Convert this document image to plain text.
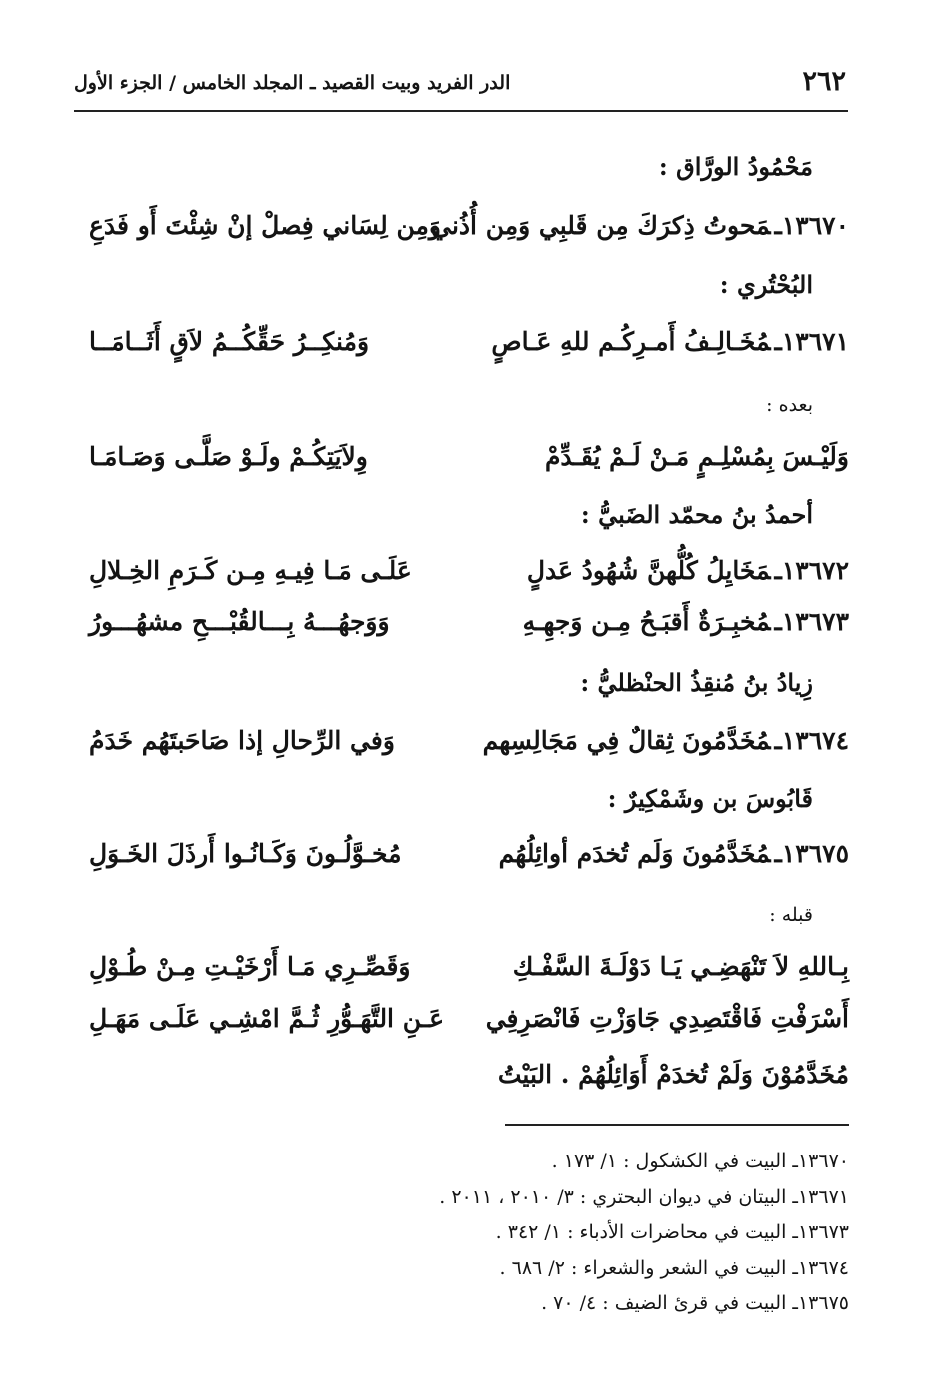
٢٦٢
الدر الفريد وبيت القصيد ـ المجلد الخامس / الجزء الأول
مَحْمُودُ الورَّاق :
١٣٦٧٠ـمَحوتُ ذِكرَكَ مِن قَلبِي وَمِن أُذُني
وَمِن لِسَاني فِصلْ إنْ شِئْتَ أَو فَدَعِ
البُحْتُري :
١٣٦٧١ـمُخَـالِـفُ أَمـرِكُـم للهِ عَـاصٍ
وَمُنكِــرُ حَقِّكُــمُ لاَقٍ أَثَــامَــا
بعده :
وَلَيْـسَ بِمُسْلِـمٍ مَـنْ لَـمْ يُقَـدِّمْ
وِلاَيَتِكُـمْ ولَـوْ صَلَّـى وَصَـامَـا
أحمدُ بنُ محمّد الضَبيُّ :
١٣٦٧٢ـمَخَايِلُ كُلُّهنَّ شُهُودُ عَدلٍ
عَلَـى مَـا فِيـهِ مِـن كَـرَمِ الخِـلالِ
١٣٦٧٣ـمُخبِـرَةٌ أَقبَـحُ مِـن وَجهِـهِ
وَوَجهُـــهُ بِـــالقُبْـــحِ مشهُـــورُ
زِيادُ بنُ مُنقِذُ الحنْظليُّ :
١٣٦٧٤ـمُخَدَّمُونَ ثِقالٌ فِي مَجَالِسِهم
وَفي الرِّحالِ إذا صَاحَبتَهُم خَدَمُ
قَابُوسَ بن وشَمْكِيرٌ :
١٣٦٧٥ـمُخَدَّمُونَ وَلَم تُخدَم أوائِلُهُم
مُخـوَّلُـونَ وَكَـانُـوا أَرذَلَ الخَـوَلِ
قبله :
بِـاللهِ لاَ تَنْهَضِـي يَـا دَوْلَـةَ السَّفْـكِ
وَقَصِّـرِي مَـا أَرْخَيْـتِ مِـنْ طُـوْلِ
أَسْرَفْتِ فَاقْتَصِدِي جَاوَزْتِ فَانْصَرِفِي
عَـنِ التَّهَـوُّرِ ثُـمَّ امْشِـي عَلَـى مَهَـلِ
مُخَدَّمُوْنَ وَلَمْ تُخدَمْ أَوَائِلُهُمْ . البَيْتُ
١٣٦٧٠ـ البيت في الكشكول : ١/ ١٧٣ .
١٣٦٧١ـ البيتان في ديوان البحتري : ٣/ ٢٠١٠ ، ٢٠١١ .
١٣٦٧٣ـ البيت في محاضرات الأدباء : ١/ ٣٤٢ .
١٣٦٧٤ـ البيت في الشعر والشعراء : ٢/ ٦٨٦ .
١٣٦٧٥ـ البيت في قرئ الضيف : ٤/ ٧٠ .
